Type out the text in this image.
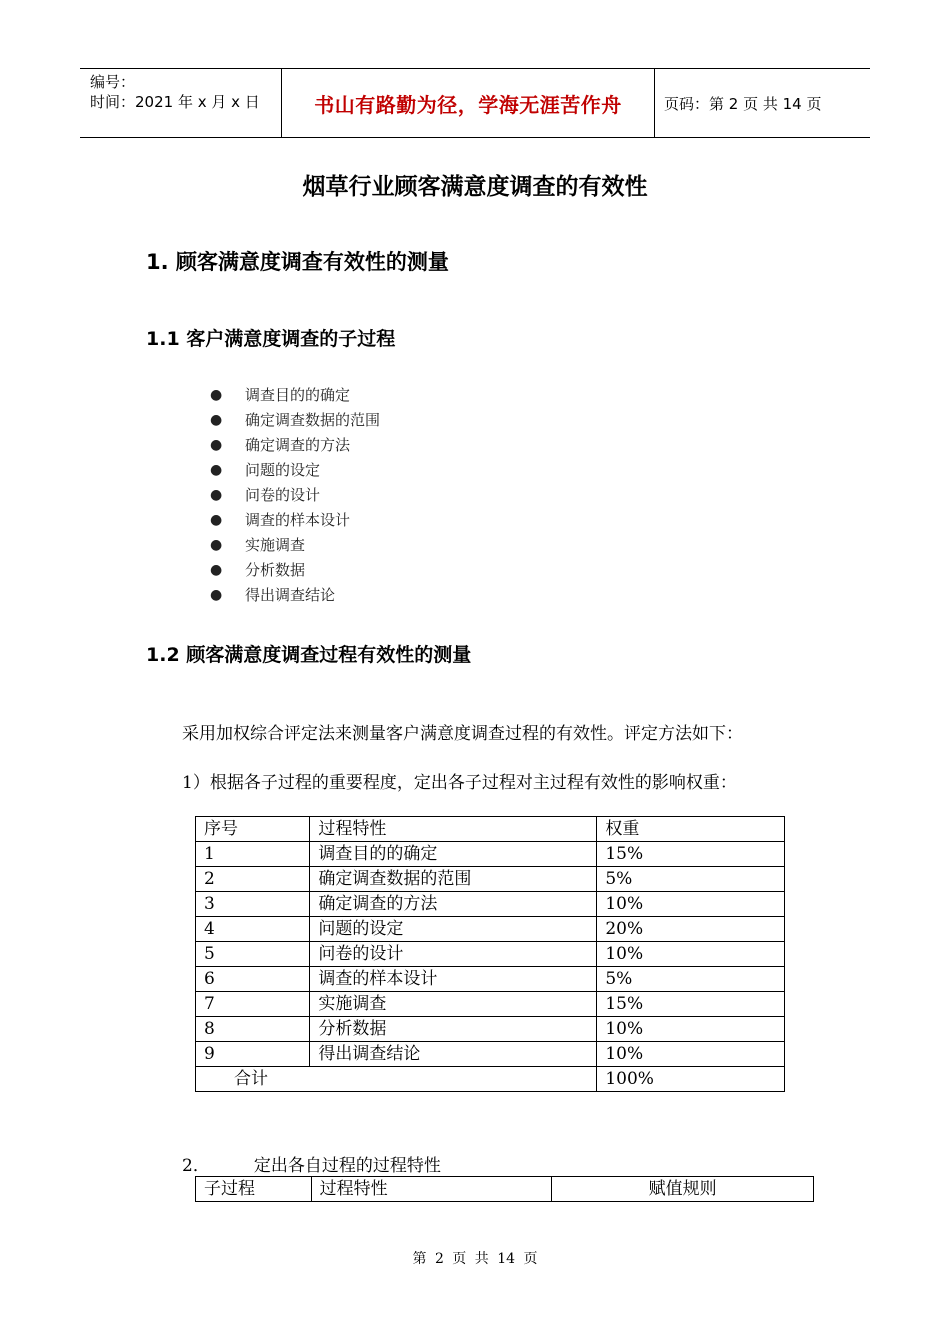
编号：
时间：2021 年 x 月 x 日	书山有路勤为径，学海无涯苦作舟	页码：第 2 页 共 14 页
烟草行业顾客满意度调查的有效性
1. 顾客满意度调查有效性的测量
1.1 客户满意度调查的子过程
● 调查目的的确定
● 确定调查数据的范围
● 确定调查的方法
● 问题的设定
● 问卷的设计
● 调查的样本设计
● 实施调查
● 分析数据
● 得出调查结论
1.2 顾客满意度调查过程有效性的测量
采用加权综合评定法来测量客户满意度调查过程的有效性。评定方法如下：
1）根据各子过程的重要程度，定出各子过程对主过程有效性的影响权重：
序号	过程特性	权重
1	调查目的的确定	15%
2	确定调查数据的范围	5%
3	确定调查的方法	10%
4	问题的设定	20%
5	问卷的设计	10%
6	调查的样本设计	5%
7	实施调查	15%
8	分析数据	10%
9	得出调查结论	10%
合计		100%
2．	定出各自过程的过程特性
子过程	过程特性	赋值规则
第 2 页 共 14 页
